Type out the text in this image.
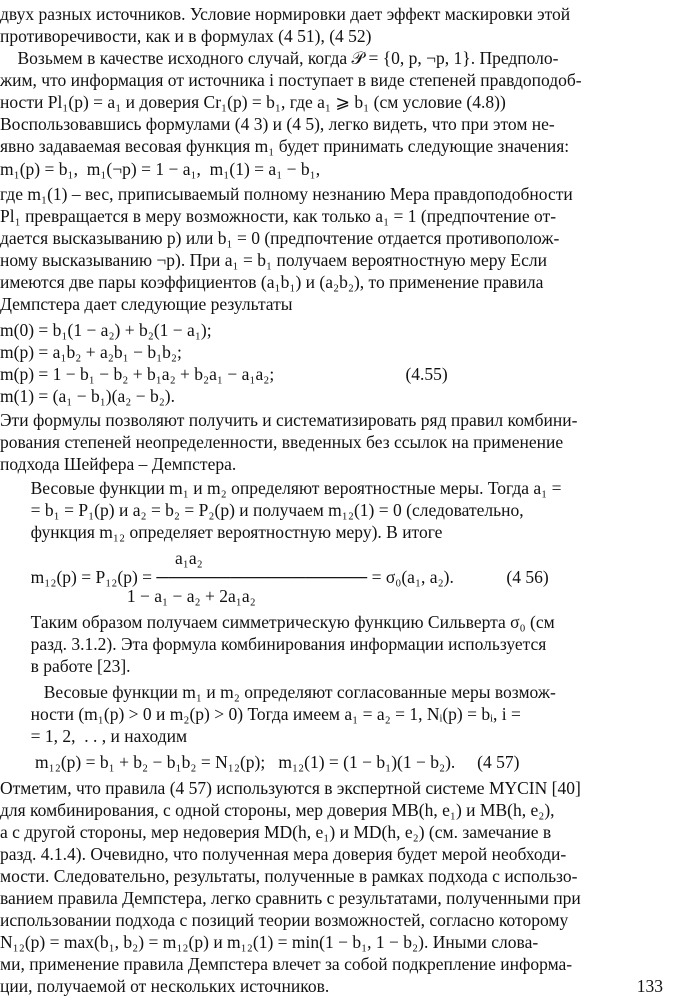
двух разных источников. Условие нормировки дает эффект маскировки этой
противоречивости, как и в формулах (4 51), (4 52)
Возьмем в качестве исходного случай, когда 𝒫 = {0, p, ¬p, 1}. Предполо-
жим, что информация от источника i поступает в виде степеней правдоподоб-
ности Pl₁(p) = a₁ и доверия Cr₁(p) = b₁, где a₁ ⩾ b₁ (см условие (4.8))
Воспользовавшись формулами (4 3) и (4 5), легко видеть, что при этом не-
явно задаваемая весовая функция m₁ будет принимать следующие значения:
m₁(p) = b₁,  m₁(¬p) = 1 − a₁,  m₁(1) = a₁ − b₁,
где m₁(1) – вес, приписываемый полному незнанию Мера правдоподобности
Pl₁ превращается в меру возможности, как только a₁ = 1 (предпочтение от-
дается высказыванию p) или b₁ = 0 (предпочтение отдается противополож-
ному высказыванию ¬p). При a₁ = b₁ получаем вероятностную меру Если
имеются две пары коэффициентов (a₁b₁) и (a₂b₂), то применение правила
Демпстера дает следующие результаты
m(0) = b₁(1 − a₂) + b₂(1 − a₁);
m(p) = a₁b₂ + a₂b₁ − b₁b₂;
m(p) = 1 − b₁ − b₂ + b₁a₂ + b₂a₁ − a₁a₂;                              (4.55)
m(1) = (a₁ − b₁)(a₂ − b₂).
Эти формулы позволяют получить и систематизировать ряд правил комбини-
рования степеней неопределенности, введенных без ссылок на применение
подхода Шейфера – Демпстера.
Весовые функции m₁ и m₂ определяют вероятностные меры. Тогда a₁ =
= b₁ = P₁(p) и a₂ = b₂ = P₂(p) и получаем m₁₂(1) = 0 (следовательно,
функция m₁₂ определяет вероятностную меру). В итоге
a₁a₂
m₁₂(p) = P₁₂(p) = ───────────────── = σ₀(a₁, a₂).            (4 56)
1 − a₁ − a₂ + 2a₁a₂
Таким образом получаем симметрическую функцию Сильверта σ₀ (см
разд. 3.1.2). Эта формула комбинирования информации используется
в работе [23].
Весовые функции m₁ и m₂ определяют согласованные меры возмож-
ности (m₁(p) > 0 и m₂(p) > 0) Тогда имеем a₁ = a₂ = 1, Nᵢ(p) = bᵢ, i =
= 1, 2,  . . , и находим
m₁₂(p) = b₁ + b₂ − b₁b₂ = N₁₂(p);   m₁₂(1) = (1 − b₁)(1 − b₂).     (4 57)
Отметим, что правила (4 57) используются в экспертной системе MYCIN [40]
для комбинирования, с одной стороны, мер доверия MB(h, e₁) и MB(h, e₂),
а с другой стороны, мер недоверия MD(h, e₁) и MD(h, e₂) (см. замечание в
разд. 4.1.4). Очевидно, что полученная мера доверия будет мерой необходи-
мости. Следовательно, результаты, полученные в рамках подхода с использо-
ванием правила Демпстера, легко сравнить с результатами, полученными при
использовании подхода с позиций теории возможностей, согласно которому
N₁₂(p) = max(b₁, b₂) = m₁₂(p) и m₁₂(1) = min(1 − b₁, 1 − b₂). Иными слова-
ми, применение правила Демпстера влечет за собой подкрепление информа-
ции, получаемой от нескольких источников.	133
